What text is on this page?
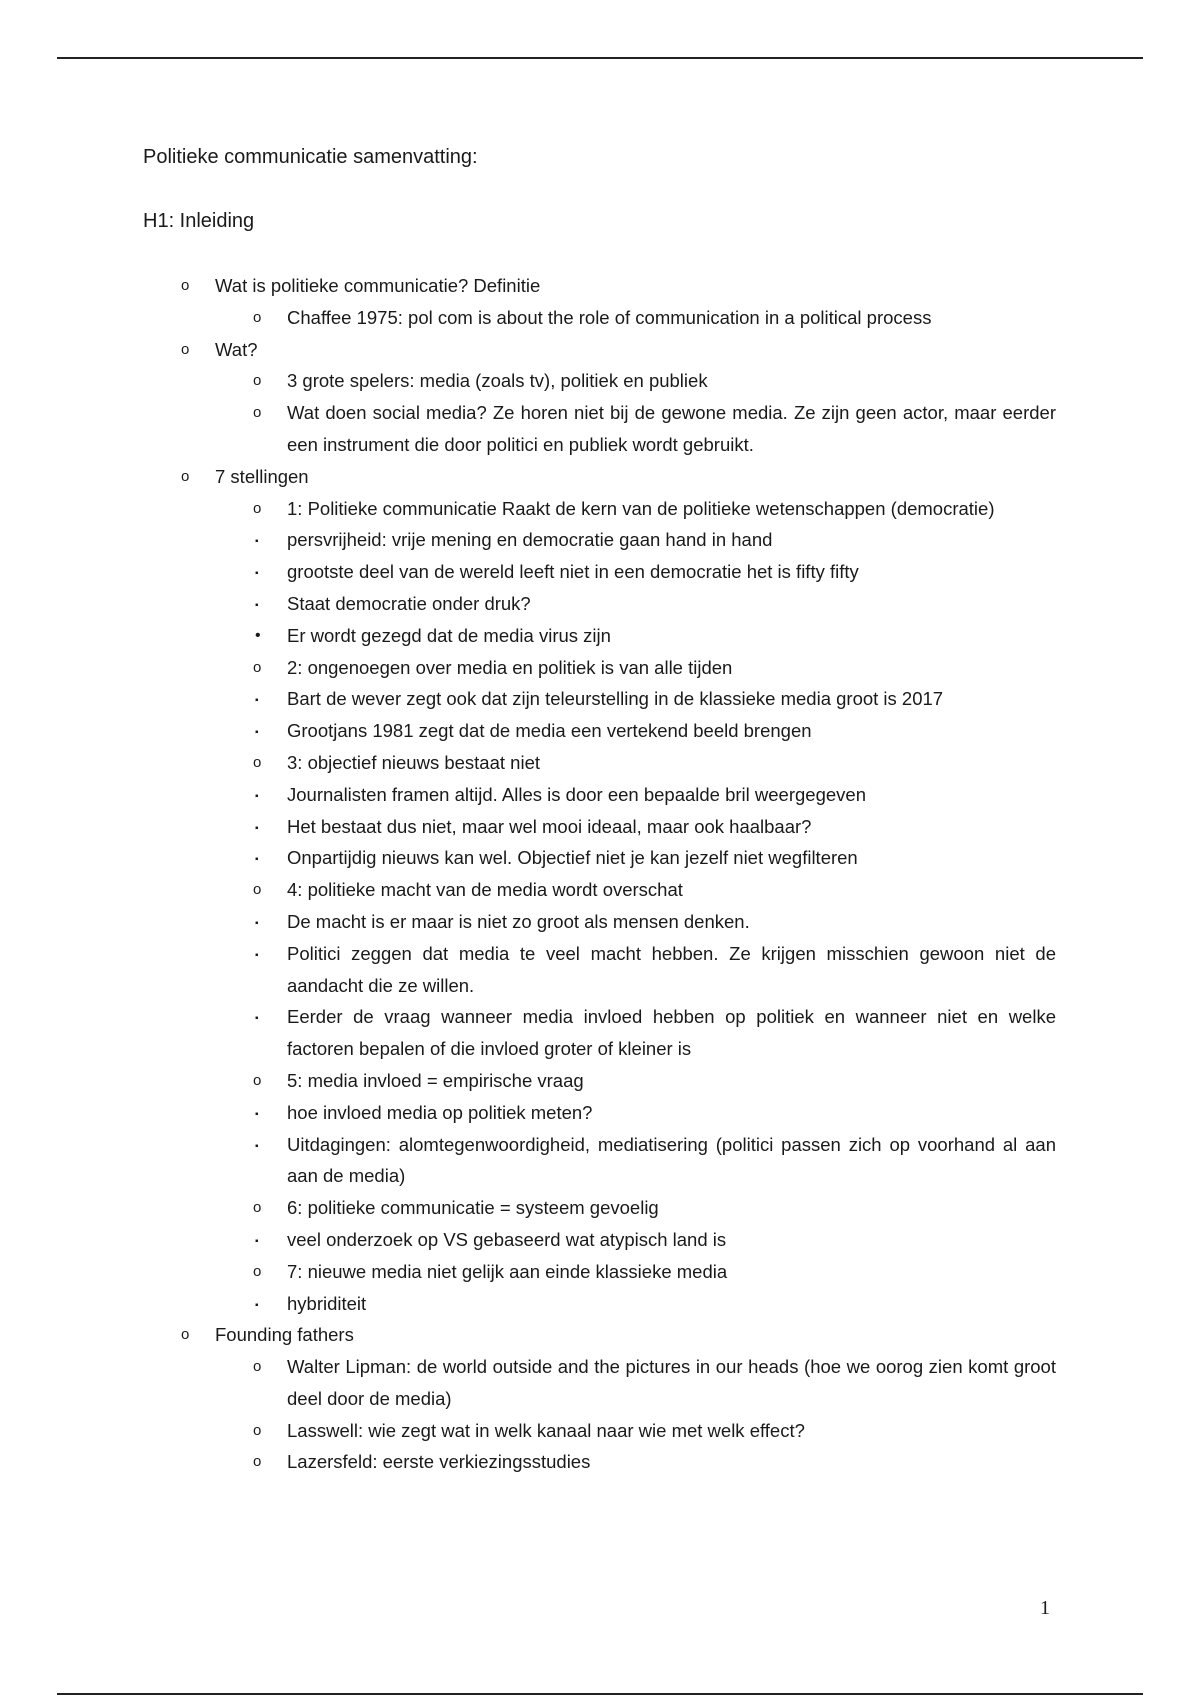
Politieke communicatie samenvatting:

H1: Inleiding

o Wat is politieke communicatie? Definitie
o Chaffee 1975: pol com is about the role of communication in a political process
o Wat?
o 3 grote spelers: media (zoals tv), politiek en publiek
o Wat doen social media? Ze horen niet bij de gewone media. Ze zijn geen actor, maar eerder een instrument die door politici en publiek wordt gebruikt.
o 7 stellingen
o 1: Politieke communicatie Raakt de kern van de politieke wetenschappen (democratie)
▪ persvrijheid: vrije mening en democratie gaan hand in hand
▪ grootste deel van de wereld leeft niet in een democratie het is fifty fifty
▪ Staat democratie onder druk?
• Er wordt gezegd dat de media virus zijn
o 2: ongenoegen over media en politiek is van alle tijden
▪ Bart de wever zegt ook dat zijn teleurstelling in de klassieke media groot is 2017
▪ Grootjans 1981 zegt dat de media een vertekend beeld brengen
o 3: objectief nieuws bestaat niet
▪ Journalisten framen altijd. Alles is door een bepaalde bril weergegeven
▪ Het bestaat dus niet, maar wel mooi ideaal, maar ook haalbaar?
▪ Onpartijdig nieuws kan wel. Objectief niet je kan jezelf niet wegfilteren
o 4: politieke macht van de media wordt overschat
▪ De macht is er maar is niet zo groot als mensen denken.
▪ Politici zeggen dat media te veel macht hebben. Ze krijgen misschien gewoon niet de aandacht die ze willen.
▪ Eerder de vraag wanneer media invloed hebben op politiek en wanneer niet en welke factoren bepalen of die invloed groter of kleiner is
o 5: media invloed = empirische vraag
▪ hoe invloed media op politiek meten?
▪ Uitdagingen: alomtegenwoordigheid, mediatisering (politici passen zich op voorhand al aan aan de media)
o 6: politieke communicatie = systeem gevoelig
▪ veel onderzoek op VS gebaseerd wat atypisch land is
o 7: nieuwe media niet gelijk aan einde klassieke media
▪ hybriditeit
o Founding fathers
o Walter Lipman: de world outside and the pictures in our heads (hoe we oorog zien komt groot deel door de media)
o Lasswell: wie zegt wat in welk kanaal naar wie met welk effect?
o Lazersfeld: eerste verkiezingsstudies
1
